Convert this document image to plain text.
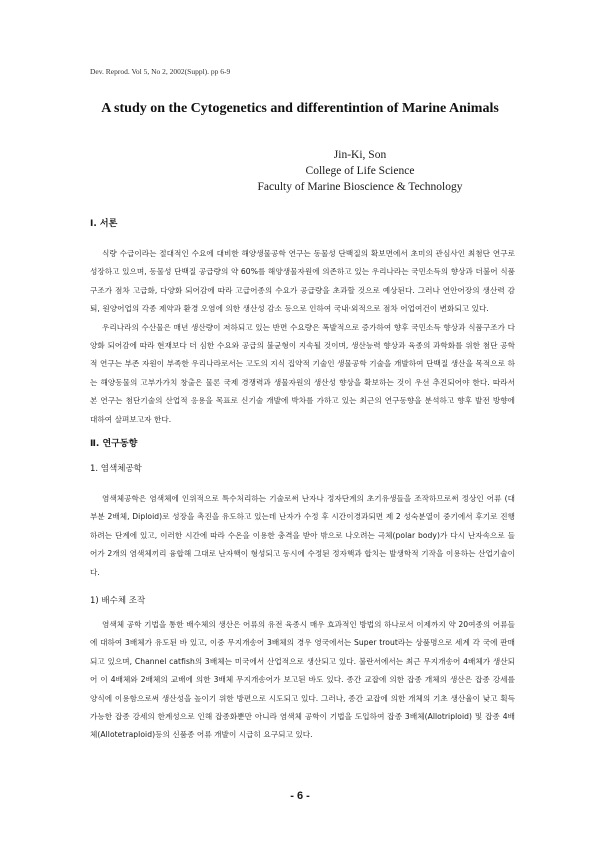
Dev. Reprod. Vol 5, No 2, 2002(Suppl). pp 6-9
A study on the Cytogenetics and differentintion of Marine Animals
Jin-Ki, Son
College of Life Science
Faculty of Marine Bioscience & Technology
Ⅰ. 서론

식량 수급이라는 절대적인 수요에 대비한 해양생물공학 연구는 동물성 단백질의 확보면에서 초미의 관심사인 최첨단 연구로 성장하고 있으며, 동물성 단백질 공급량의 약 60%를 해양생물자원에 의존하고 있는 우리나라는 국민소득의 향상과 더불어 식품구조가 점차 고급화, 다양화 되어감에 따라 고급어종의 수요가 공급량을 초과할 것으로 예상된다. 그러나 연안어장의 생산력 감퇴, 원양어업의 각종 제약과 환경 오염에 의한 생산성 감소 등으로 인하여 국내·외적으로 점차 어업여건이 변화되고 있다.

우리나라의 수산물은 매년 생산량이 저하되고 있는 반면 수요량은 폭발적으로 증가하여 향후 국민소득 향상과 식품구조가 다양화 되어감에 따라 현재보다 더 심한 수요와 공급의 불균형이 지속될 것이며, 생산능력 향상과 육종의 과학화를 위한 첨단 공학적 연구는 부존 자원이 부족한 우리나라로서는 고도의 지식 집약적 기술인 생물공학 기술을 개발하여 단백질 생산을 목적으로 하는 해양동물의 고부가가치 창출은 물론 국제 경쟁력과 생물자원의 생산성 향상을 확보하는 것이 우선 추진되어야 한다. 따라서 본 연구는 첨단기술의 산업적 응용을 목표로 신기술 개발에 박차를 가하고 있는 최근의 연구동향을 분석하고 향후 발전 방향에 대하여 살펴보고자 한다.

Ⅱ. 연구동향
1. 염색체공학

염색체공학은 염색체에 인위적으로 특수처리하는 기술로써 난자나 정자단계의 초기유생들을 조작하므로써 정상인 어류 (대부분 2배체, Diploid)로 성장을 촉진을 유도하고 있는데 난자가 수정 후 시간이경과되면 제 2 성숙분열이 중기에서 후기로 진행하려는 단계에 있고, 이러한 시간에 따라 수온을 이용한 충격을 받아 밖으로 나오려는 극체(polar body)가 다시 난자속으로 들어가 2개의 염색체끼리 융합해 그대로 난자핵이 형성되고 동시에 수정된 정자핵과 합치는 발생학적 기작을 이용하는 산업기술이다.

1) 배수체 조작

염색체 공학 기법을 통한 배수체의 생산은 어류의 유전 육종시 매우 효과적인 방법의 하나로서 이제까지 약 20여종의 어류들에 대하여 3배체가 유도된 바 있고, 이중 무지개송어 3배체의 경우 영국에서는 Super trout라는 상품명으로 세계 각 국에 판매되고 있으며, Channel catfish의 3배체는 미국에서 산업적으로 생산되고 있다. 불란서에서는 최근 무지개송어 4배체가 생산되어 이 4배체와 2배체의 교배에 의한 3배체 무지개송어가 보고된 바도 있다. 종간 교잡에 의한 잡종 개체의 생산은 잡종 강세를 양식에 이용함으로써 생산성을 높이기 위한 방편으로 시도되고 있다. 그러나, 종간 교잡에 의한 개체의 기초 생산율이 낮고 획득 가능한 잡종 강세의 한계성으로 인해 잡종화뿐만 아니라 염색체 공학이 기법을 도입하여 잡종 3배체(Allotriploid) 및 잡종 4배체(Allotetraploid)등의 신품종 어류 개발이 시급히 요구되고 있다.

- 6 -
